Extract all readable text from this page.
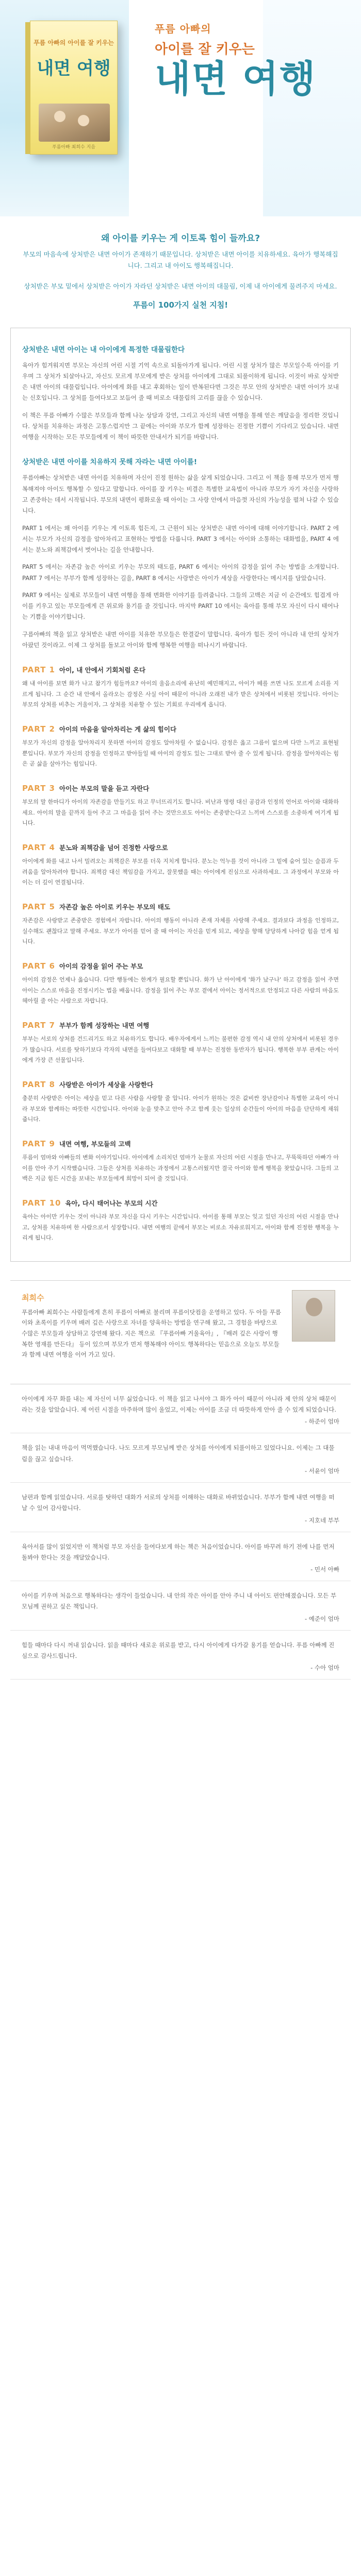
푸름 아빠의 아이를 잘 키우는
내면 여행
푸름아빠 최희수 지음
푸름 아빠의
아이를 잘 키우는
내면 여행
왜 아이를 키우는 게 이토록 힘이 들까요?
부모의 마음속에 상처받은 내면 아이가 존재하기 때문입니다. 상처받은 내면 아이를 치유하세요. 육아가 행복해집니다. 그리고 내 아이도 행복해집니다.
상처받은 부모 밑에서 상처받은 아이가 자라던 상처받은 내면 아이의 대물림, 이제 내 아이에게 물려주지 마세요.
푸름이 100가지 실천 지침!
상처받은 내면 아이는 내 아이에게 특정한 대물림한다

육아가 힘겨워지면 부모는 자신의 어린 시절 기억 속으로 되돌아가게 됩니다. 어린 시절 상처가 많은 부모일수록 아이를 키우며 그 상처가 되살아나고, 자신도 모르게 부모에게 받은 상처를 아이에게 그대로 되풀이하게 됩니다. 이것이 바로 상처받은 내면 아이의 대물림입니다. 아이에게 화를 내고 후회하는 일이 반복된다면 그것은 부모 안의 상처받은 내면 아이가 보내는 신호입니다. 그 상처를 들여다보고 보듬어 줄 때 비로소 대물림의 고리를 끊을 수 있습니다.

이 책은 푸름 아빠가 수많은 부모들과 함께 나눈 상담과 강연, 그리고 자신의 내면 여행을 통해 얻은 깨달음을 정리한 것입니다. 상처를 치유하는 과정은 고통스럽지만 그 끝에는 아이와 부모가 함께 성장하는 진정한 기쁨이 기다리고 있습니다. 내면 여행을 시작하는 모든 부모들에게 이 책이 따뜻한 안내서가 되기를 바랍니다.

상처받은 내면 아이를 치유하지 못해 자라는 내면 아이를!

푸름아빠는 상처받은 내면 아이를 치유하며 자신이 진정 원하는 삶을 살게 되었습니다. 그리고 이 책을 통해 부모가 먼저 행복해져야 아이도 행복할 수 있다고 말합니다. 아이를 잘 키우는 비결은 특별한 교육법이 아니라 부모가 자기 자신을 사랑하고 존중하는 데서 시작됩니다. 부모의 내면이 평화로울 때 아이는 그 사랑 안에서 마음껏 자신의 가능성을 펼쳐 나갈 수 있습니다.

PART 1 에서는 왜 아이를 키우는 게 이토록 힘든지, 그 근원이 되는 상처받은 내면 아이에 대해 이야기합니다. PART 2 에서는 부모가 자신의 감정을 알아차리고 표현하는 방법을 다룹니다. PART 3 에서는 아이와 소통하는 대화법을, PART 4 에서는 분노와 죄책감에서 벗어나는 길을 안내합니다.

PART 5 에서는 자존감 높은 아이로 키우는 부모의 태도를, PART 6 에서는 아이의 감정을 읽어 주는 방법을 소개합니다. PART 7 에서는 부부가 함께 성장하는 길을, PART 8 에서는 사랑받은 아이가 세상을 사랑한다는 메시지를 담았습니다.

PART 9 에서는 실제로 부모들이 내면 여행을 통해 변화한 이야기를 들려줍니다. 그들의 고백은 지금 이 순간에도 힘겹게 아이를 키우고 있는 부모들에게 큰 위로와 용기를 줄 것입니다. 마지막 PART 10 에서는 육아를 통해 부모 자신이 다시 태어나는 기쁨을 이야기합니다.

구름아빠의 책을 읽고 상처받은 내면 아이를 치유한 부모들은 한결같이 말합니다. 육아가 힘든 것이 아니라 내 안의 상처가 아팠던 것이라고. 이제 그 상처를 돌보고 아이와 함께 행복한 여행을 떠나시기 바랍니다.

PART 1 아이, 내 안에서 기회처럼 온다

왜 내 아이를 보면 화가 나고 참기가 힘들까요? 아이의 울음소리에 유난히 예민해지고, 아이가 떼를 쓰면 나도 모르게 소리를 지르게 됩니다. 그 순간 내 안에서 올라오는 감정은 사실 아이 때문이 아니라 오래전 내가 받은 상처에서 비롯된 것입니다. 아이는 부모의 상처를 비추는 거울이자, 그 상처를 치유할 수 있는 기회로 우리에게 옵니다.

PART 2 아이의 마음을 알아차리는 게 삶의 힘이다

부모가 자신의 감정을 알아차리지 못하면 아이의 감정도 알아차릴 수 없습니다. 감정은 옳고 그름이 없으며 다만 느끼고 표현될 뿐입니다. 부모가 자신의 감정을 인정하고 받아들일 때 아이의 감정도 있는 그대로 받아 줄 수 있게 됩니다. 감정을 알아차리는 힘은 곧 삶을 살아가는 힘입니다.

PART 3 아이는 부모의 말을 듣고 자란다

부모의 말 한마디가 아이의 자존감을 만들기도 하고 무너뜨리기도 합니다. 비난과 명령 대신 공감과 인정의 언어로 아이와 대화하세요. 아이의 말을 끝까지 들어 주고 그 마음을 읽어 주는 것만으로도 아이는 존중받는다고 느끼며 스스로를 소중하게 여기게 됩니다.

PART 4 분노와 죄책감을 넘어 진정한 사랑으로

아이에게 화를 내고 나서 밀려오는 죄책감은 부모를 더욱 지치게 합니다. 분노는 억누를 것이 아니라 그 밑에 숨어 있는 슬픔과 두려움을 알아차려야 합니다. 죄책감 대신 책임감을 가지고, 잘못했을 때는 아이에게 진심으로 사과하세요. 그 과정에서 부모와 아이는 더 깊이 연결됩니다.

PART 5 자존감 높은 아이로 키우는 부모의 태도

자존감은 사랑받고 존중받은 경험에서 자랍니다. 아이의 행동이 아니라 존재 자체를 사랑해 주세요. 결과보다 과정을 인정하고, 실수해도 괜찮다고 말해 주세요. 부모가 아이를 믿어 줄 때 아이는 자신을 믿게 되고, 세상을 향해 당당하게 나아갈 힘을 얻게 됩니다.

PART 6 아이의 감정을 읽어 주는 부모

아이의 감정은 언제나 옳습니다. 다만 행동에는 한계가 필요할 뿐입니다. 화가 난 아이에게 '화가 났구나' 하고 감정을 읽어 주면 아이는 스스로 마음을 진정시키는 법을 배웁니다. 감정을 읽어 주는 부모 곁에서 아이는 정서적으로 안정되고 다른 사람의 마음도 헤아릴 줄 아는 사람으로 자랍니다.

PART 7 부부가 함께 성장하는 내면 여행

부부는 서로의 상처를 건드리기도 하고 치유하기도 합니다. 배우자에게서 느끼는 불편한 감정 역시 내 안의 상처에서 비롯된 경우가 많습니다. 서로를 탓하기보다 각자의 내면을 들여다보고 대화할 때 부부는 진정한 동반자가 됩니다. 행복한 부부 관계는 아이에게 가장 큰 선물입니다.

PART 8 사랑받은 아이가 세상을 사랑한다

충분히 사랑받은 아이는 세상을 믿고 다른 사람을 사랑할 줄 압니다. 아이가 원하는 것은 값비싼 장난감이나 특별한 교육이 아니라 부모와 함께하는 따뜻한 시간입니다. 아이와 눈을 맞추고 안아 주고 함께 웃는 일상의 순간들이 아이의 마음을 단단하게 채워 줍니다.

PART 9 내면 여행, 부모들의 고백

푸름이 엄마와 아빠들의 변화 이야기입니다. 아이에게 소리치던 엄마가 눈물로 자신의 어린 시절을 만나고, 무뚝뚝하던 아빠가 아이를 안아 주기 시작했습니다. 그들은 상처를 치유하는 과정에서 고통스러웠지만 결국 아이와 함께 행복을 찾았습니다. 그들의 고백은 지금 힘든 시간을 보내는 부모들에게 희망이 되어 줄 것입니다.

PART 10 육아, 다시 태어나는 부모의 시간

육아는 아이만 키우는 것이 아니라 부모 자신을 다시 키우는 시간입니다. 아이를 통해 부모는 잊고 있던 자신의 어린 시절을 만나고, 상처를 치유하며 한 사람으로서 성장합니다. 내면 여행의 끝에서 부모는 비로소 자유로워지고, 아이와 함께 진정한 행복을 누리게 됩니다.

최희수

푸름아빠 최희수는 사람들에게 흔히 푸름이 아빠로 불리며 푸름이닷컴을 운영하고 있다. 두 아들 푸름이와 초록이를 키우며 배려 깊은 사랑으로 자녀를 양육하는 방법을 연구해 왔고, 그 경험을 바탕으로 수많은 부모들과 상담하고 강연해 왔다. 지은 책으로 『푸름아빠 거울육아』, 『배려 깊은 사랑이 행복한 영재를 만든다』 등이 있으며 부모가 먼저 행복해야 아이도 행복하다는 믿음으로 오늘도 부모들과 함께 내면 여행을 이어 가고 있다.

아이에게 자꾸 화를 내는 제 자신이 너무 싫었습니다. 이 책을 읽고 나서야 그 화가 아이 때문이 아니라 제 안의 상처 때문이라는 것을 알았습니다. 제 어린 시절을 마주하며 많이 울었고, 이제는 아이를 조금 더 따뜻하게 안아 줄 수 있게 되었습니다.

- 하준이 엄마

책을 읽는 내내 마음이 먹먹했습니다. 나도 모르게 부모님께 받은 상처를 아이에게 되풀이하고 있었다니요. 이제는 그 대물림을 끊고 싶습니다.

- 서윤이 엄마

남편과 함께 읽었습니다. 서로를 탓하던 대화가 서로의 상처를 이해하는 대화로 바뀌었습니다. 부부가 함께 내면 여행을 떠날 수 있어 감사합니다.

- 지호네 부부

육아서를 많이 읽었지만 이 책처럼 부모 자신을 들여다보게 하는 책은 처음이었습니다. 아이를 바꾸려 하기 전에 나를 먼저 돌봐야 한다는 것을 깨달았습니다.

- 민서 아빠

아이를 키우며 처음으로 행복하다는 생각이 들었습니다. 내 안의 작은 아이를 안아 주니 내 아이도 편안해졌습니다. 모든 부모님께 권하고 싶은 책입니다.

- 예준이 엄마

힘들 때마다 다시 꺼내 읽습니다. 읽을 때마다 새로운 위로를 받고, 다시 아이에게 다가갈 용기를 얻습니다. 푸름 아빠께 진심으로 감사드립니다.

- 수아 엄마
